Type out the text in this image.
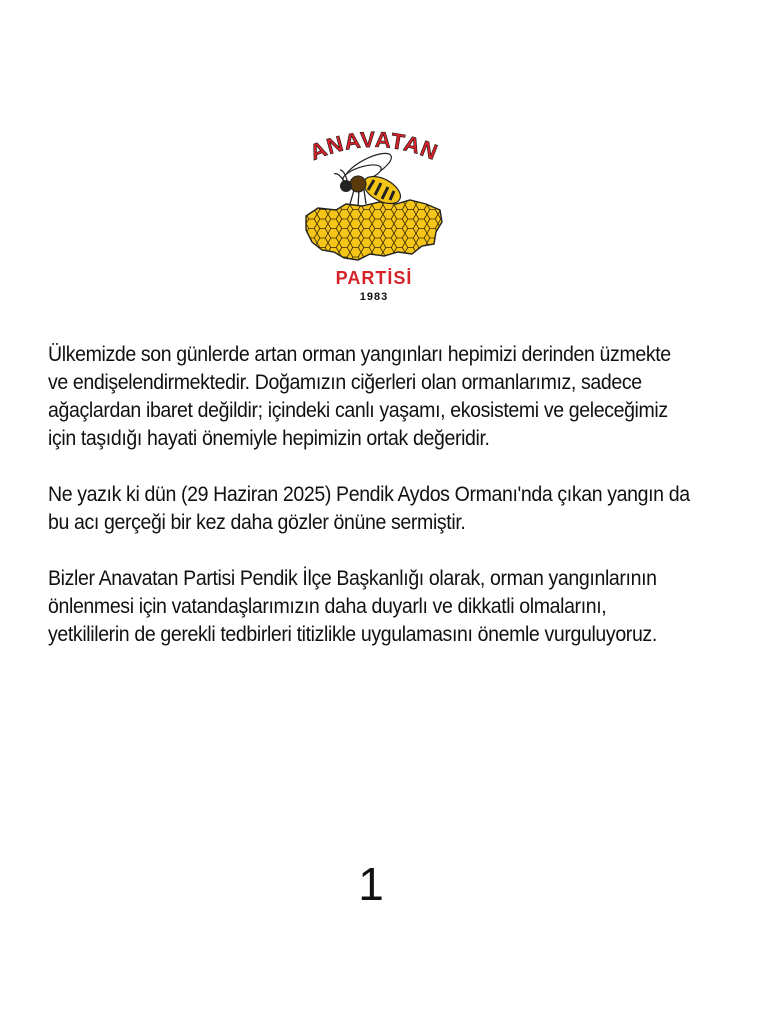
ANAVATAN
PARTİSİ
1983

Ülkemizde son günlerde artan orman yangınları hepimizi derinden üzmekte ve endişelendirmektedir. Doğamızın ciğerleri olan ormanlarımız, sadece ağaçlardan ibaret değildir; içindeki canlı yaşamı, ekosistemi ve geleceğimiz için taşıdığı hayati önemiyle hepimizin ortak değeridir.

Ne yazık ki dün (29 Haziran 2025) Pendik Aydos Ormanı'nda çıkan yangın da bu acı gerçeği bir kez daha gözler önüne sermiştir.

Bizler Anavatan Partisi Pendik İlçe Başkanlığı olarak, orman yangınlarının önlenmesi için vatandaşlarımızın daha duyarlı ve dikkatli olmalarını, yetkililerin de gerekli tedbirleri titizlikle uygulamasını önemle vurguluyoruz.

1
